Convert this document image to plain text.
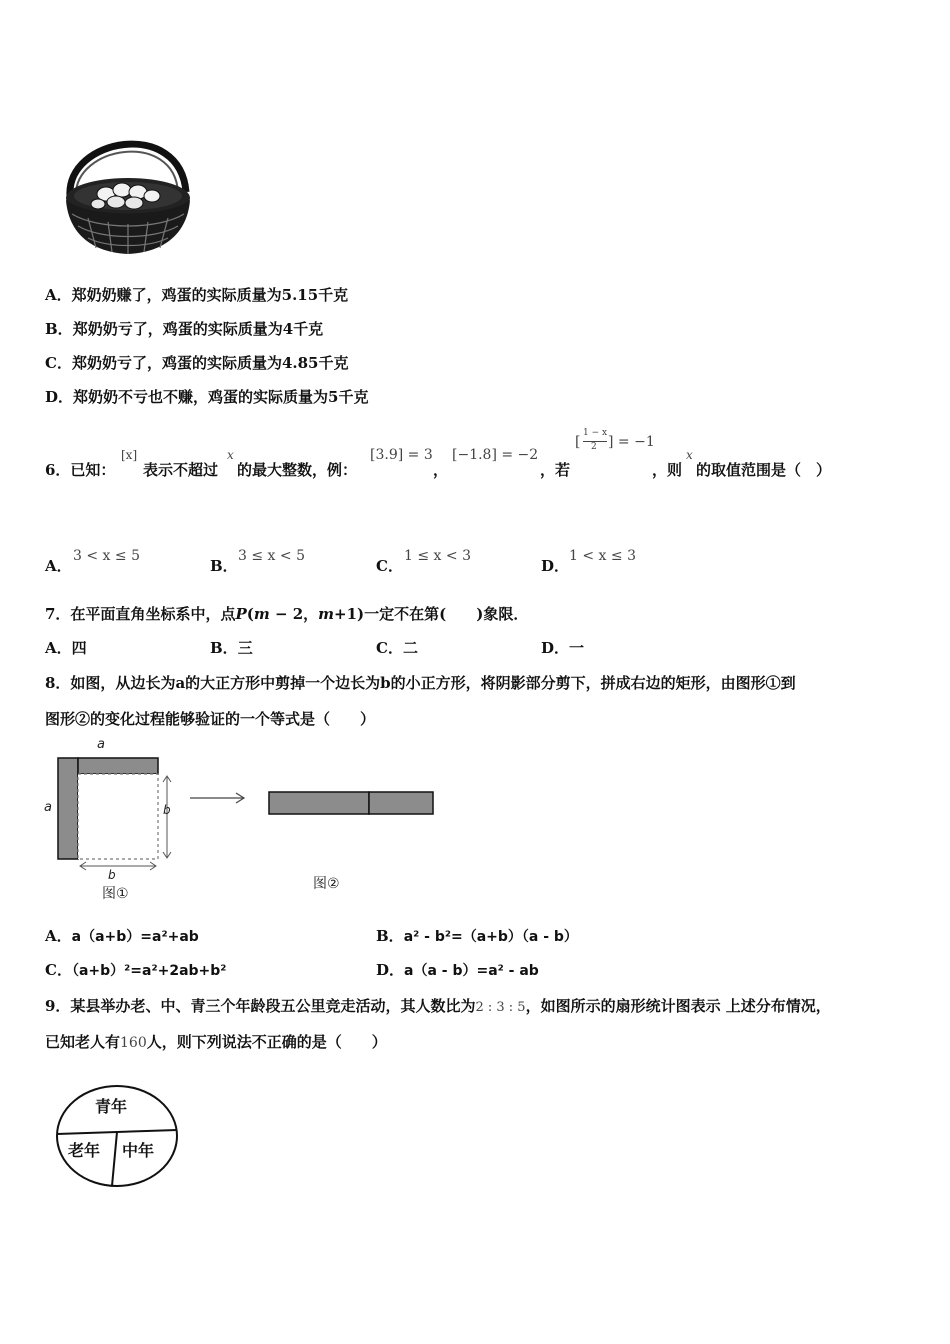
A．郑奶奶赚了，鸡蛋的实际质量为5.15千克
B．郑奶奶亏了，鸡蛋的实际质量为4千克
C．郑奶奶亏了，鸡蛋的实际质量为4.85千克
D．郑奶奶不亏也不赚，鸡蛋的实际质量为5千克
6．已知：
[x]
表示不超过
x
的最大整数，例：
[3.9] = 3
，
[−1.8] = −2
，若
[
1 − x
2 ] = −1
，则
x
的取值范围是（　）
A．
3 < x ≤ 5
B．
3 ≤ x < 5
C．
1 ≤ x < 3
D．
1 < x ≤ 3
7．在平面直角坐标系中，点P(m − 2，m+1)一定不在第(　　)象限．
A．四	B．三	C．二	D．一
8．如图，从边长为a的大正方形中剪掉一个边长为b的小正方形，将阴影部分剪下，拼成右边的矩形，由图形①到
图形②的变化过程能够验证的一个等式是（　　）
a
a	b
b
图①
图②
A．a（a+b）=a²+ab	B．a² - b²=（a+b）（a - b）
C．（a+b）²=a²+2ab+b²	D．a（a - b）=a² - ab
9．某县举办老、中、青三个年龄段五公里竞走活动，其人数比为2 : 3 : 5，如图所示的扇形统计图表示 上述分布情况，
已知老人有160人，则下列说法不正确的是（　　）
青年
老年 中年
